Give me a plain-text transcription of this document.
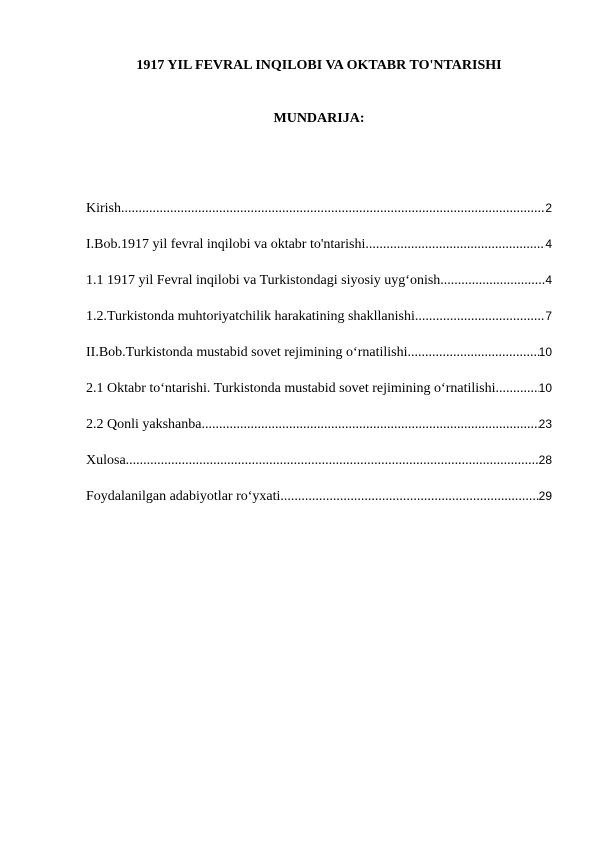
1917 YIL FEVRAL INQILOBI VA OKTABR TO'NTARISHI
MUNDARIJA:
Kirish .....	2
I.Bob.1917 yil fevral inqilobi va oktabr to'ntarishi .....	4
1.1 1917 yil Fevral inqilobi va Turkistondagi siyosiy uyg‘onish .....	4
1.2.Turkistonda muhtoriyatchilik harakatining shakllanishi .....	7
II.Bob.Turkistonda mustabid sovet rejimining o‘rnatilishi .....	10
2.1 Oktabr to‘ntarishi. Turkistonda mustabid sovet rejimining o‘rnatilishi .....	10
2.2 Qonli yakshanba .....	23
Xulosa .....	28
Foydalanilgan adabiyotlar ro‘yxati .....	29
